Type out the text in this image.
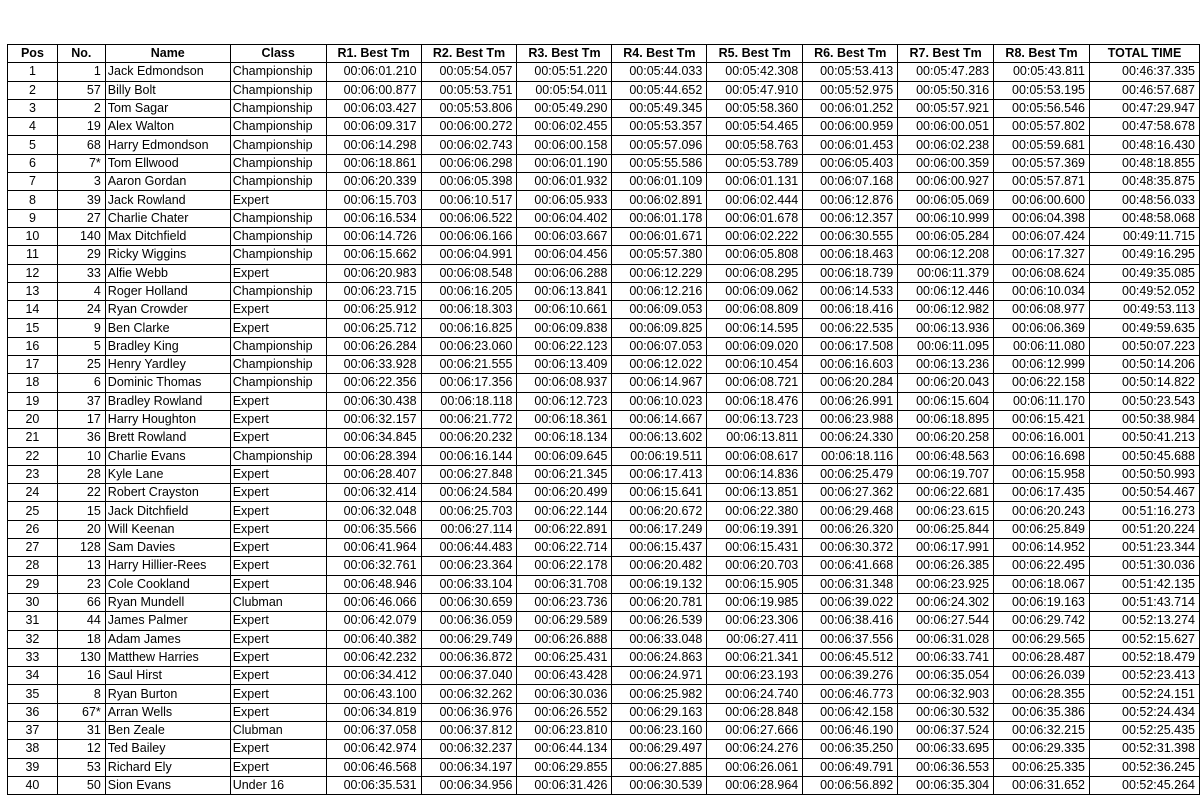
Pos	No.	Name	Class	R1. Best Tm	R2. Best Tm	R3. Best Tm	R4. Best Tm	R5. Best Tm	R6. Best Tm	R7. Best Tm	R8. Best Tm	TOTAL TIME
1	1	Jack Edmondson	Championship	00:06:01.210	00:05:54.057	00:05:51.220	00:05:44.033	00:05:42.308	00:05:53.413	00:05:47.283	00:05:43.811	00:46:37.335
2	57	Billy Bolt	Championship	00:06:00.877	00:05:53.751	00:05:54.011	00:05:44.652	00:05:47.910	00:05:52.975	00:05:50.316	00:05:53.195	00:46:57.687
3	2	Tom Sagar	Championship	00:06:03.427	00:05:53.806	00:05:49.290	00:05:49.345	00:05:58.360	00:06:01.252	00:05:57.921	00:05:56.546	00:47:29.947
4	19	Alex Walton	Championship	00:06:09.317	00:06:00.272	00:06:02.455	00:05:53.357	00:05:54.465	00:06:00.959	00:06:00.051	00:05:57.802	00:47:58.678
5	68	Harry Edmondson	Championship	00:06:14.298	00:06:02.743	00:06:00.158	00:05:57.096	00:05:58.763	00:06:01.453	00:06:02.238	00:05:59.681	00:48:16.430
6	7*	Tom Ellwood	Championship	00:06:18.861	00:06:06.298	00:06:01.190	00:05:55.586	00:05:53.789	00:06:05.403	00:06:00.359	00:05:57.369	00:48:18.855
7	3	Aaron Gordan	Championship	00:06:20.339	00:06:05.398	00:06:01.932	00:06:01.109	00:06:01.131	00:06:07.168	00:06:00.927	00:05:57.871	00:48:35.875
8	39	Jack Rowland	Expert	00:06:15.703	00:06:10.517	00:06:05.933	00:06:02.891	00:06:02.444	00:06:12.876	00:06:05.069	00:06:00.600	00:48:56.033
9	27	Charlie Chater	Championship	00:06:16.534	00:06:06.522	00:06:04.402	00:06:01.178	00:06:01.678	00:06:12.357	00:06:10.999	00:06:04.398	00:48:58.068
10	140	Max Ditchfield	Championship	00:06:14.726	00:06:06.166	00:06:03.667	00:06:01.671	00:06:02.222	00:06:30.555	00:06:05.284	00:06:07.424	00:49:11.715
11	29	Ricky Wiggins	Championship	00:06:15.662	00:06:04.991	00:06:04.456	00:05:57.380	00:06:05.808	00:06:18.463	00:06:12.208	00:06:17.327	00:49:16.295
12	33	Alfie Webb	Expert	00:06:20.983	00:06:08.548	00:06:06.288	00:06:12.229	00:06:08.295	00:06:18.739	00:06:11.379	00:06:08.624	00:49:35.085
13	4	Roger Holland	Championship	00:06:23.715	00:06:16.205	00:06:13.841	00:06:12.216	00:06:09.062	00:06:14.533	00:06:12.446	00:06:10.034	00:49:52.052
14	24	Ryan Crowder	Expert	00:06:25.912	00:06:18.303	00:06:10.661	00:06:09.053	00:06:08.809	00:06:18.416	00:06:12.982	00:06:08.977	00:49:53.113
15	9	Ben Clarke	Expert	00:06:25.712	00:06:16.825	00:06:09.838	00:06:09.825	00:06:14.595	00:06:22.535	00:06:13.936	00:06:06.369	00:49:59.635
16	5	Bradley King	Championship	00:06:26.284	00:06:23.060	00:06:22.123	00:06:07.053	00:06:09.020	00:06:17.508	00:06:11.095	00:06:11.080	00:50:07.223
17	25	Henry Yardley	Championship	00:06:33.928	00:06:21.555	00:06:13.409	00:06:12.022	00:06:10.454	00:06:16.603	00:06:13.236	00:06:12.999	00:50:14.206
18	6	Dominic Thomas	Championship	00:06:22.356	00:06:17.356	00:06:08.937	00:06:14.967	00:06:08.721	00:06:20.284	00:06:20.043	00:06:22.158	00:50:14.822
19	37	Bradley Rowland	Expert	00:06:30.438	00:06:18.118	00:06:12.723	00:06:10.023	00:06:18.476	00:06:26.991	00:06:15.604	00:06:11.170	00:50:23.543
20	17	Harry Houghton	Expert	00:06:32.157	00:06:21.772	00:06:18.361	00:06:14.667	00:06:13.723	00:06:23.988	00:06:18.895	00:06:15.421	00:50:38.984
21	36	Brett Rowland	Expert	00:06:34.845	00:06:20.232	00:06:18.134	00:06:13.602	00:06:13.811	00:06:24.330	00:06:20.258	00:06:16.001	00:50:41.213
22	10	Charlie Evans	Championship	00:06:28.394	00:06:16.144	00:06:09.645	00:06:19.511	00:06:08.617	00:06:18.116	00:06:48.563	00:06:16.698	00:50:45.688
23	28	Kyle Lane	Expert	00:06:28.407	00:06:27.848	00:06:21.345	00:06:17.413	00:06:14.836	00:06:25.479	00:06:19.707	00:06:15.958	00:50:50.993
24	22	Robert Crayston	Expert	00:06:32.414	00:06:24.584	00:06:20.499	00:06:15.641	00:06:13.851	00:06:27.362	00:06:22.681	00:06:17.435	00:50:54.467
25	15	Jack Ditchfield	Expert	00:06:32.048	00:06:25.703	00:06:22.144	00:06:20.672	00:06:22.380	00:06:29.468	00:06:23.615	00:06:20.243	00:51:16.273
26	20	Will Keenan	Expert	00:06:35.566	00:06:27.114	00:06:22.891	00:06:17.249	00:06:19.391	00:06:26.320	00:06:25.844	00:06:25.849	00:51:20.224
27	128	Sam Davies	Expert	00:06:41.964	00:06:44.483	00:06:22.714	00:06:15.437	00:06:15.431	00:06:30.372	00:06:17.991	00:06:14.952	00:51:23.344
28	13	Harry Hillier-Rees	Expert	00:06:32.761	00:06:23.364	00:06:22.178	00:06:20.482	00:06:20.703	00:06:41.668	00:06:26.385	00:06:22.495	00:51:30.036
29	23	Cole Cookland	Expert	00:06:48.946	00:06:33.104	00:06:31.708	00:06:19.132	00:06:15.905	00:06:31.348	00:06:23.925	00:06:18.067	00:51:42.135
30	66	Ryan Mundell	Clubman	00:06:46.066	00:06:30.659	00:06:23.736	00:06:20.781	00:06:19.985	00:06:39.022	00:06:24.302	00:06:19.163	00:51:43.714
31	44	James Palmer	Expert	00:06:42.079	00:06:36.059	00:06:29.589	00:06:26.539	00:06:23.306	00:06:38.416	00:06:27.544	00:06:29.742	00:52:13.274
32	18	Adam James	Expert	00:06:40.382	00:06:29.749	00:06:26.888	00:06:33.048	00:06:27.411	00:06:37.556	00:06:31.028	00:06:29.565	00:52:15.627
33	130	Matthew Harries	Expert	00:06:42.232	00:06:36.872	00:06:25.431	00:06:24.863	00:06:21.341	00:06:45.512	00:06:33.741	00:06:28.487	00:52:18.479
34	16	Saul Hirst	Expert	00:06:34.412	00:06:37.040	00:06:43.428	00:06:24.971	00:06:23.193	00:06:39.276	00:06:35.054	00:06:26.039	00:52:23.413
35	8	Ryan Burton	Expert	00:06:43.100	00:06:32.262	00:06:30.036	00:06:25.982	00:06:24.740	00:06:46.773	00:06:32.903	00:06:28.355	00:52:24.151
36	67*	Arran Wells	Expert	00:06:34.819	00:06:36.976	00:06:26.552	00:06:29.163	00:06:28.848	00:06:42.158	00:06:30.532	00:06:35.386	00:52:24.434
37	31	Ben Zeale	Clubman	00:06:37.058	00:06:37.812	00:06:23.810	00:06:23.160	00:06:27.666	00:06:46.190	00:06:37.524	00:06:32.215	00:52:25.435
38	12	Ted Bailey	Expert	00:06:42.974	00:06:32.237	00:06:44.134	00:06:29.497	00:06:24.276	00:06:35.250	00:06:33.695	00:06:29.335	00:52:31.398
39	53	Richard Ely	Expert	00:06:46.568	00:06:34.197	00:06:29.855	00:06:27.885	00:06:26.061	00:06:49.791	00:06:36.553	00:06:25.335	00:52:36.245
40	50	Sion Evans	Under 16	00:06:35.531	00:06:34.956	00:06:31.426	00:06:30.539	00:06:28.964	00:06:56.892	00:06:35.304	00:06:31.652	00:52:45.264
